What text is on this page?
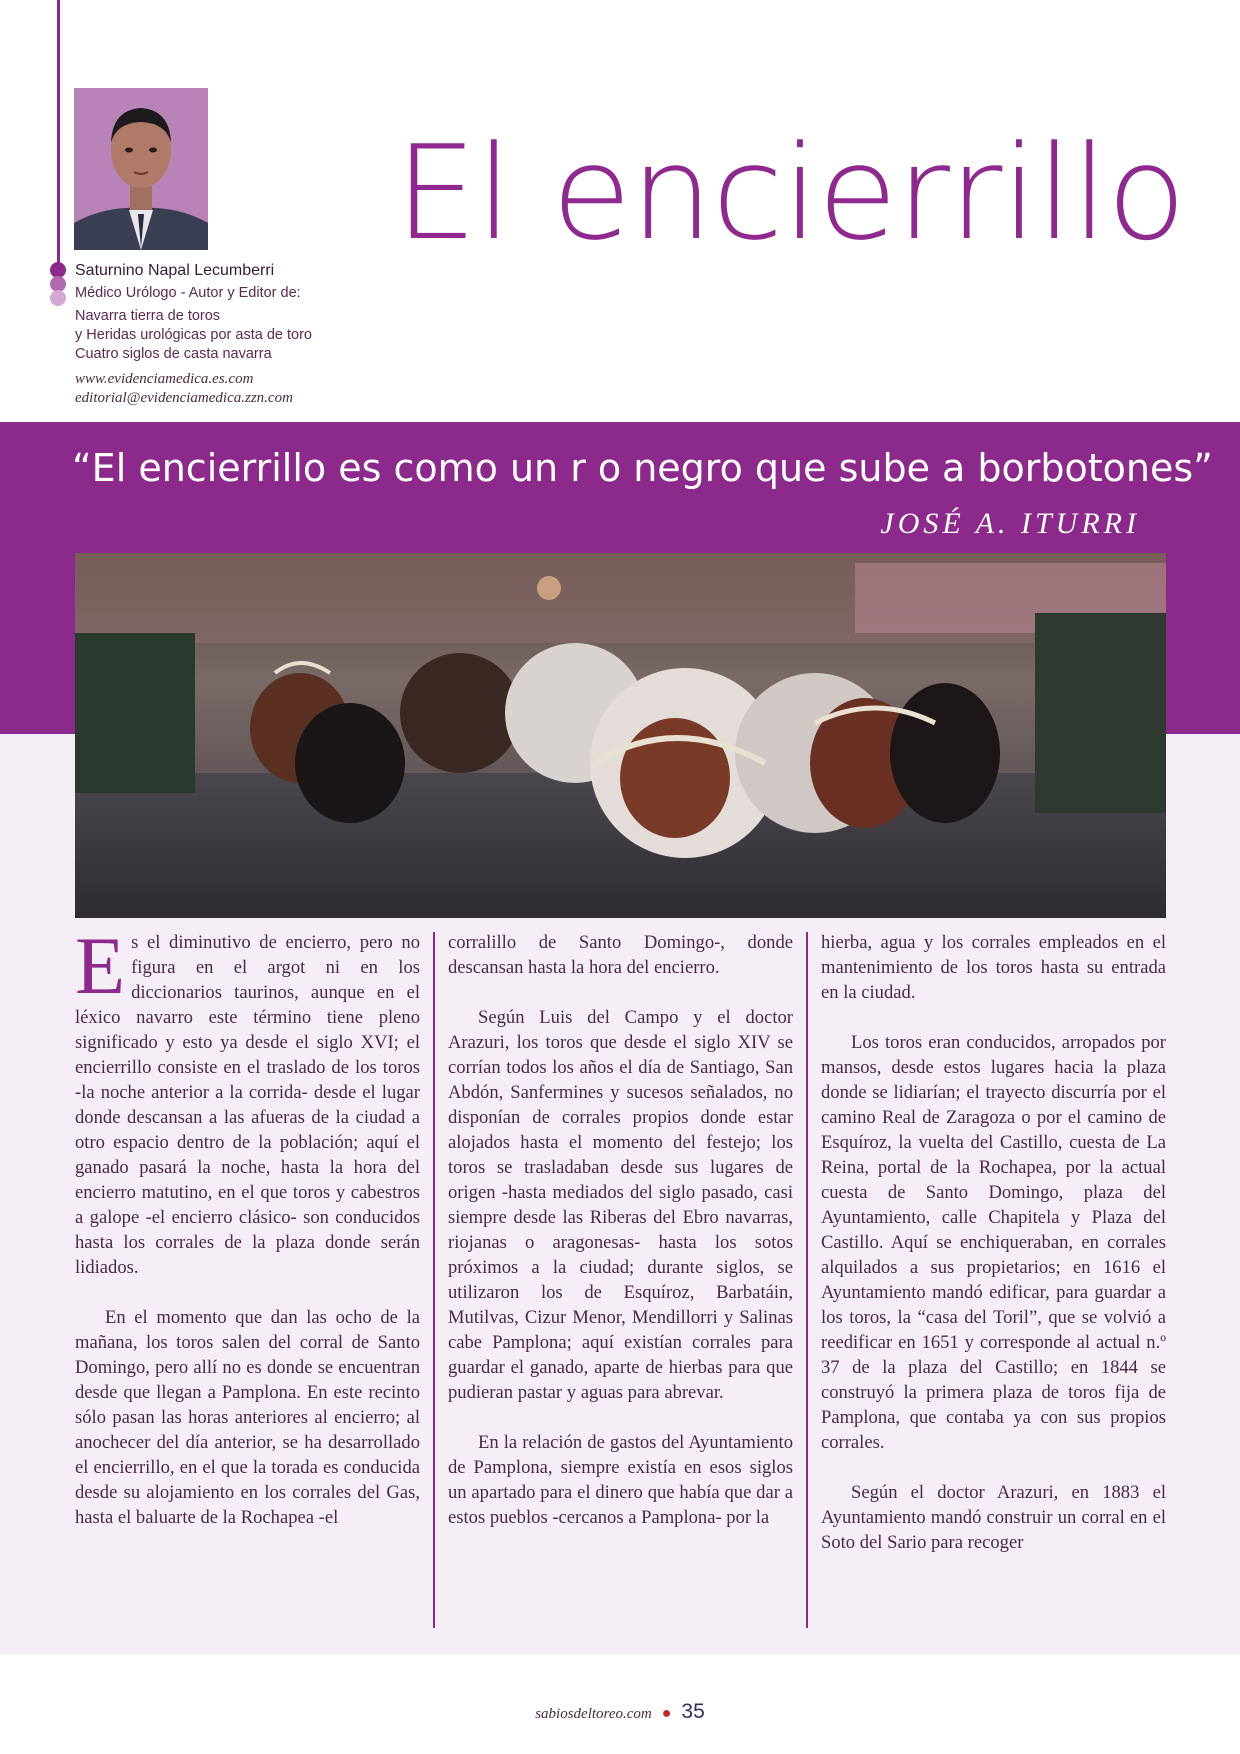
Saturnino Napal Lecumberri
Médico Urólogo - Autor y Editor de:
Navarra tierra de toros
y Heridas urológicas por asta de toro
Cuatro siglos de casta navarra
www.evidenciamedica.es.com
editorial@evidenciamedica.zzn.com
El encierrillo
“El encierrillo es como un r o negro que sube a borbotones”
JOSÉ A. ITURRI

Es el diminutivo de encierro, pero no figura en el argot ni en los diccionarios taurinos, aunque en el léxico navarro este término tiene pleno significado y esto ya desde el siglo XVI; el encierrillo consiste en el traslado de los toros -la noche anterior a la corrida- desde el lugar donde descansan a las afueras de la ciudad a otro espacio dentro de la población; aquí el ganado pasará la noche, hasta la hora del encierro matutino, en el que toros y cabestros a galope -el encierro clásico- son conducidos hasta los corrales de la plaza donde serán lidiados.

En el momento que dan las ocho de la mañana, los toros salen del corral de Santo Domingo, pero allí no es donde se encuentran desde que llegan a Pamplona. En este recinto sólo pasan las horas anteriores al encierro; al anochecer del día anterior, se ha desarrollado el encierrillo, en el que la torada es conducida desde su alojamiento en los corrales del Gas, hasta el baluarte de la Rochapea -el

corralillo de Santo Domingo-, donde descansan hasta la hora del encierro.

Según Luis del Campo y el doctor Arazuri, los toros que desde el siglo XIV se corrían todos los años el día de Santiago, San Abdón, Sanfermines y sucesos señalados, no disponían de corrales propios donde estar alojados hasta el momento del festejo; los toros se trasladaban desde sus lugares de origen -hasta mediados del siglo pasado, casi siempre desde las Riberas del Ebro navarras, riojanas o aragonesas- hasta los sotos próximos a la ciudad; durante siglos, se utilizaron los de Esquíroz, Barbatáin, Mutilvas, Cizur Menor, Mendillorri y Salinas cabe Pamplona; aquí existían corrales para guardar el ganado, aparte de hierbas para que pudieran pastar y aguas para abrevar.

En la relación de gastos del Ayuntamiento de Pamplona, siempre existía en esos siglos un apartado para el dinero que había que dar a estos pueblos -cercanos a Pamplona- por la

hierba, agua y los corrales empleados en el mantenimiento de los toros hasta su entrada en la ciudad.

Los toros eran conducidos, arropados por mansos, desde estos lugares hacia la plaza donde se lidiarían; el trayecto discurría por el camino Real de Zaragoza o por el camino de Esquíroz, la vuelta del Castillo, cuesta de La Reina, portal de la Rochapea, por la actual cuesta de Santo Domingo, plaza del Ayuntamiento, calle Chapitela y Plaza del Castillo. Aquí se enchiqueraban, en corrales alquilados a sus propietarios; en 1616 el Ayuntamiento mandó edificar, para guardar a los toros, la “casa del Toril”, que se volvió a reedificar en 1651 y corresponde al actual n.º 37 de la plaza del Castillo; en 1844 se construyó la primera plaza de toros fija de Pamplona, que contaba ya con sus propios corrales.

Según el doctor Arazuri, en 1883 el Ayuntamiento mandó construir un corral en el Soto del Sario para recoger

sabiosdeltoreo.com ● 35
